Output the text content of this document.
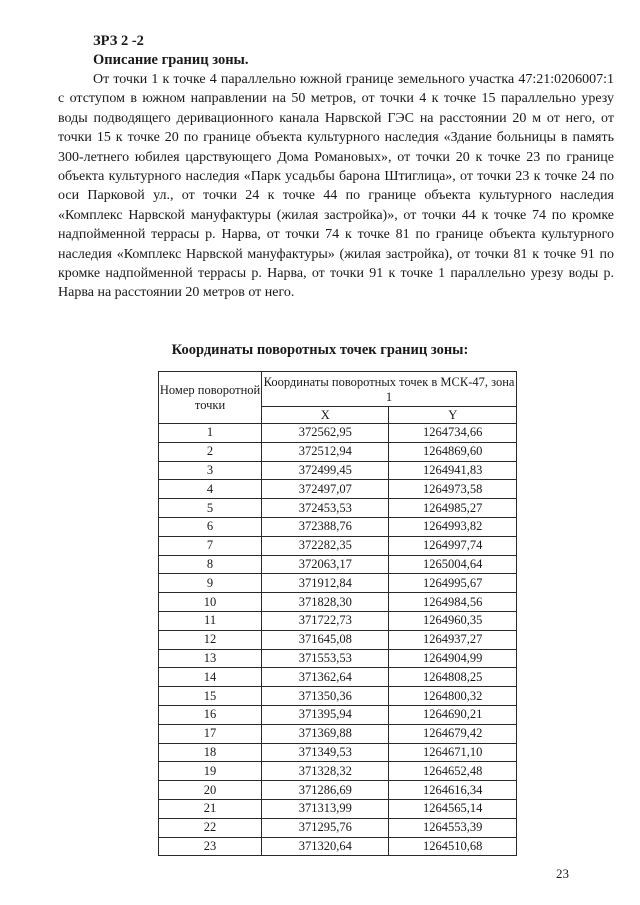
ЗРЗ 2 -2
Описание границ зоны.

От точки 1 к точке 4 параллельно южной границе земельного участка 47:21:0206007:1 с отступом в южном направлении на 50 метров, от точки 4 к точке 15 параллельно урезу воды подводящего деривационного канала Нарвской ГЭС на расстоянии 20 м от него, от точки 15 к точке 20 по границе объекта культурного наследия «Здание больницы в память 300-летнего юбилея царствующего Дома Романовых», от точки 20 к точке 23 по границе объекта культурного наследия «Парк усадьбы барона Штиглица», от точки 23 к точке 24 по оси Парковой ул., от точки 24 к точке 44 по границе объекта культурного наследия «Комплекс Нарвской мануфактуры (жилая застройка)», от точки 44 к точке 74 по кромке надпойменной террасы р. Нарва, от точки 74 к точке 81 по границе объекта культурного наследия «Комплекс Нарвской мануфактуры» (жилая застройка), от точки 81 к точке 91 по кромке надпойменной террасы р. Нарва, от точки 91 к точке 1 параллельно урезу воды р. Нарва на расстоянии 20 метров от него.

Координаты поворотных точек границ зоны:
Номер поворотной точки	Координаты поворотных точек в МСК-47, зона 1	
	X	Y
1	372562,95	1264734,66
2	372512,94	1264869,60
3	372499,45	1264941,83
4	372497,07	1264973,58
5	372453,53	1264985,27
6	372388,76	1264993,82
7	372282,35	1264997,74
8	372063,17	1265004,64
9	371912,84	1264995,67
10	371828,30	1264984,56
11	371722,73	1264960,35
12	371645,08	1264937,27
13	371553,53	1264904,99
14	371362,64	1264808,25
15	371350,36	1264800,32
16	371395,94	1264690,21
17	371369,88	1264679,42
18	371349,53	1264671,10
19	371328,32	1264652,48
20	371286,69	1264616,34
21	371313,99	1264565,14
22	371295,76	1264553,39
23	371320,64	1264510,68
23
